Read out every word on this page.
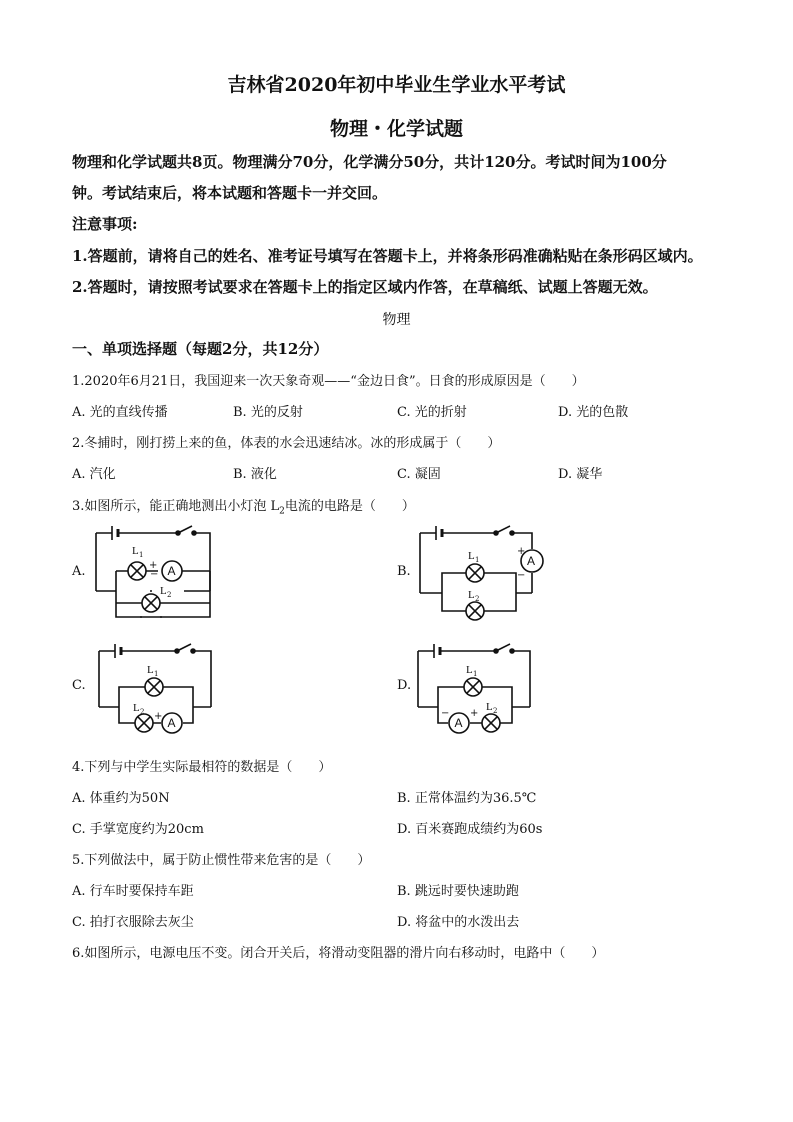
吉林省2020年初中毕业生学业水平考试
物理・化学试题
物理和化学试题共8页。物理满分70分，化学满分50分，共计120分。考试时间为100分
钟。考试结束后，将本试题和答题卡一并交回。
注意事项:
1.答题前，请将自己的姓名、准考证号填写在答题卡上，并将条形码准确粘贴在条形码区域内。
2.答题时，请按照考试要求在答题卡上的指定区域内作答，在草稿纸、试题上答题无效。
物理
一、单项选择题（每题2分，共12分）
1.2020年6月21日，我国迎来一次天象奇观——“金边日食”。日食的形成原因是（　　）
A. 光的直线传播	B. 光的反射	C. 光的折射	D. 光的色散
2.冬捕时，刚打捞上来的鱼，体表的水会迅速结冰。冰的形成属于（　　）
A. 汽化	B. 液化	C. 凝固	D. 凝华
3.如图所示，能正确地测出小灯泡 $L_2$电流的电路是（　　）
A.
L 1
L 2
A
+
−	B.
A
+
−
L 1
L 2
C.
A
+
L 1
L 2
D.
A
− +
L 1
L 2
4.下列与中学生实际最相符的数据是（　　）
A. 体重约为50N	B. 正常体温约为36.5℃
C. 手掌宽度约为20cm	D. 百米赛跑成绩约为60s
5.下列做法中，属于防止惯性带来危害的是（　　）
A. 行车时要保持车距	B. 跳远时要快速助跑
C. 拍打衣服除去灰尘	D. 将盆中的水泼出去
6.如图所示，电源电压不变。闭合开关后，将滑动变阻器的滑片向右移动时，电路中（　　）
